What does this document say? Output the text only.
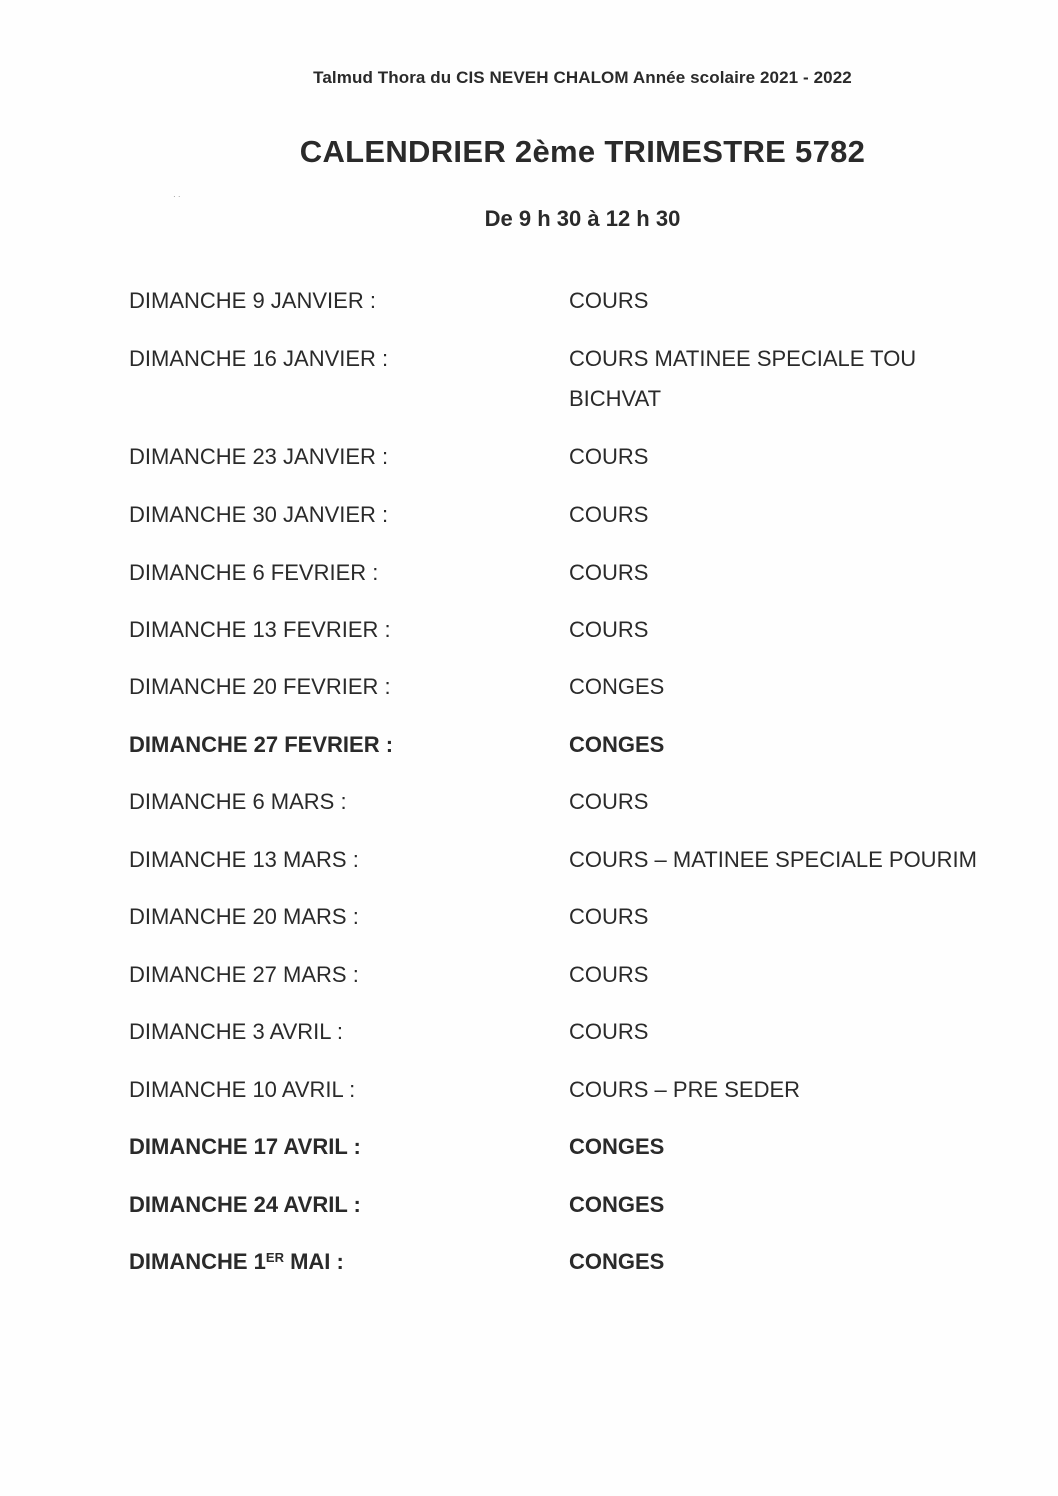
· ·
Talmud Thora du CIS NEVEH CHALOM Année scolaire 2021 - 2022
CALENDRIER 2ème TRIMESTRE 5782
De 9 h 30 à 12 h 30
DIMANCHE 9 JANVIER :	COURS
DIMANCHE 16 JANVIER :	COURS MATINEE SPECIALE TOU BICHVAT
DIMANCHE 23 JANVIER :	COURS
DIMANCHE 30 JANVIER :	COURS
DIMANCHE 6 FEVRIER :	COURS
DIMANCHE 13 FEVRIER :	COURS
DIMANCHE 20 FEVRIER :	CONGES
DIMANCHE 27 FEVRIER :	CONGES
DIMANCHE 6 MARS :	COURS
DIMANCHE 13 MARS :	COURS – MATINEE SPECIALE POURIM
DIMANCHE 20 MARS :	COURS
DIMANCHE 27 MARS :	COURS
DIMANCHE 3 AVRIL :	COURS
DIMANCHE 10 AVRIL :	COURS – PRE SEDER
DIMANCHE 17 AVRIL :	CONGES
DIMANCHE 24 AVRIL :	CONGES
DIMANCHE 1ER MAI :	CONGES
